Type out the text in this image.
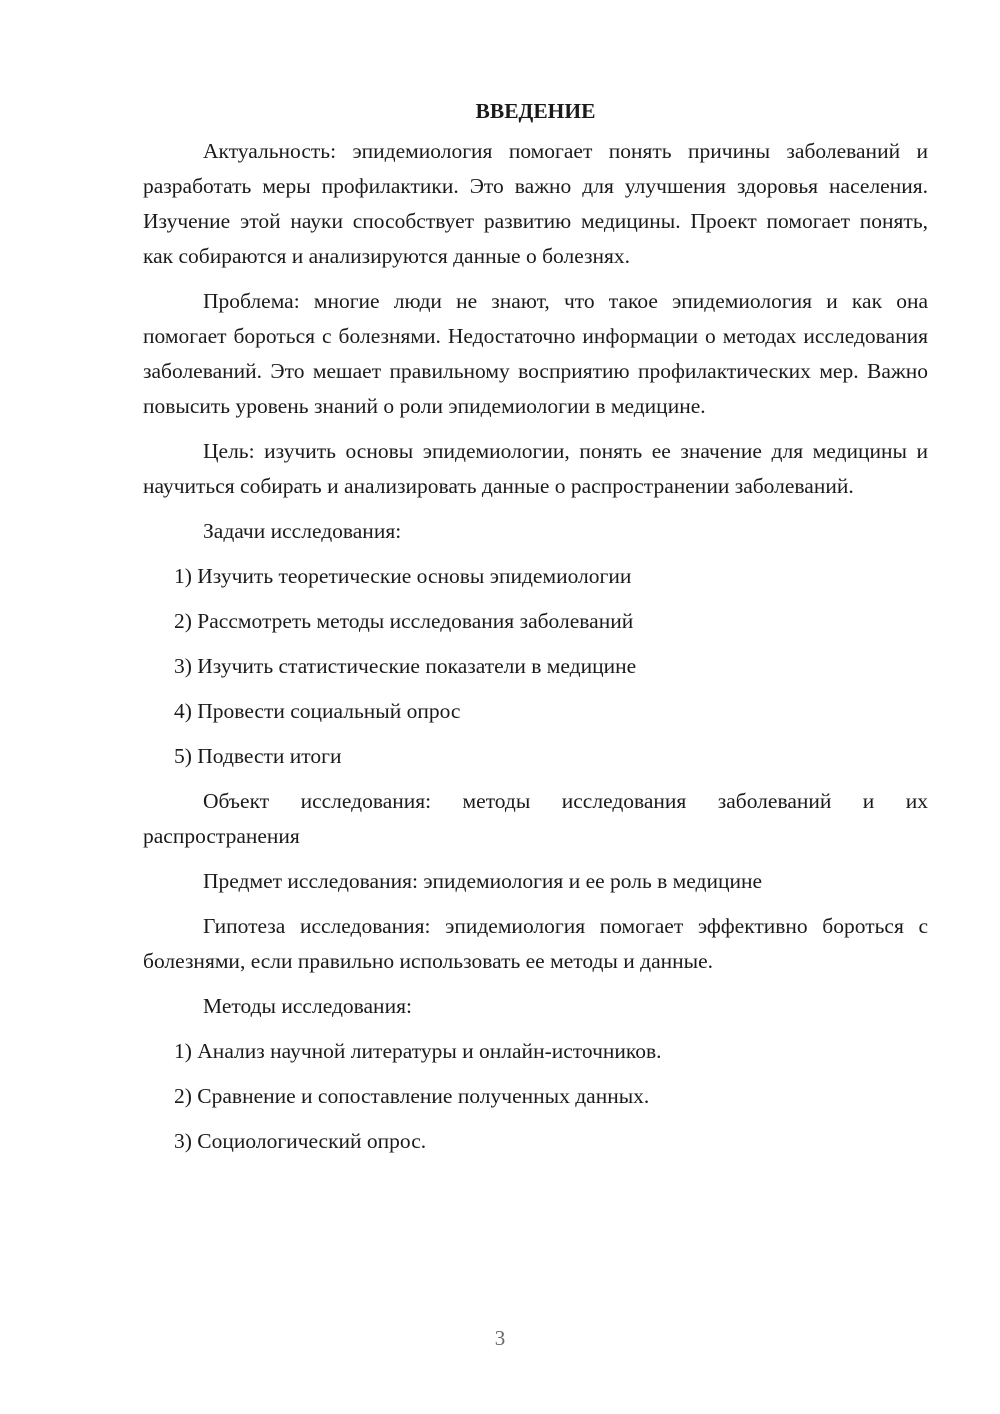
ВВЕДЕНИЕ

Актуальность: эпидемиология помогает понять причины заболеваний и разработать меры профилактики. Это важно для улучшения здоровья населения. Изучение этой науки способствует развитию медицины. Проект помогает понять, как собираются и анализируются данные о болезнях.

Проблема: многие люди не знают, что такое эпидемиология и как она помогает бороться с болезнями. Недостаточно информации о методах исследования заболеваний. Это мешает правильному восприятию профилактических мер. Важно повысить уровень знаний о роли эпидемиологии в медицине.

Цель: изучить основы эпидемиологии, понять ее значение для медицины и научиться собирать и анализировать данные о распространении заболеваний.

Задачи исследования:

1) Изучить теоретические основы эпидемиологии
2) Рассмотреть методы исследования заболеваний
3) Изучить статистические показатели в медицине
4) Провести социальный опрос
5) Подвести итоги

Объект исследования: методы исследования заболеваний и их распространения

Предмет исследования: эпидемиология и ее роль в медицине

Гипотеза исследования: эпидемиология помогает эффективно бороться с болезнями, если правильно использовать ее методы и данные.

Методы исследования:

1) Анализ научной литературы и онлайн-источников.
2) Сравнение и сопоставление полученных данных.
3) Социологический опрос.
3
